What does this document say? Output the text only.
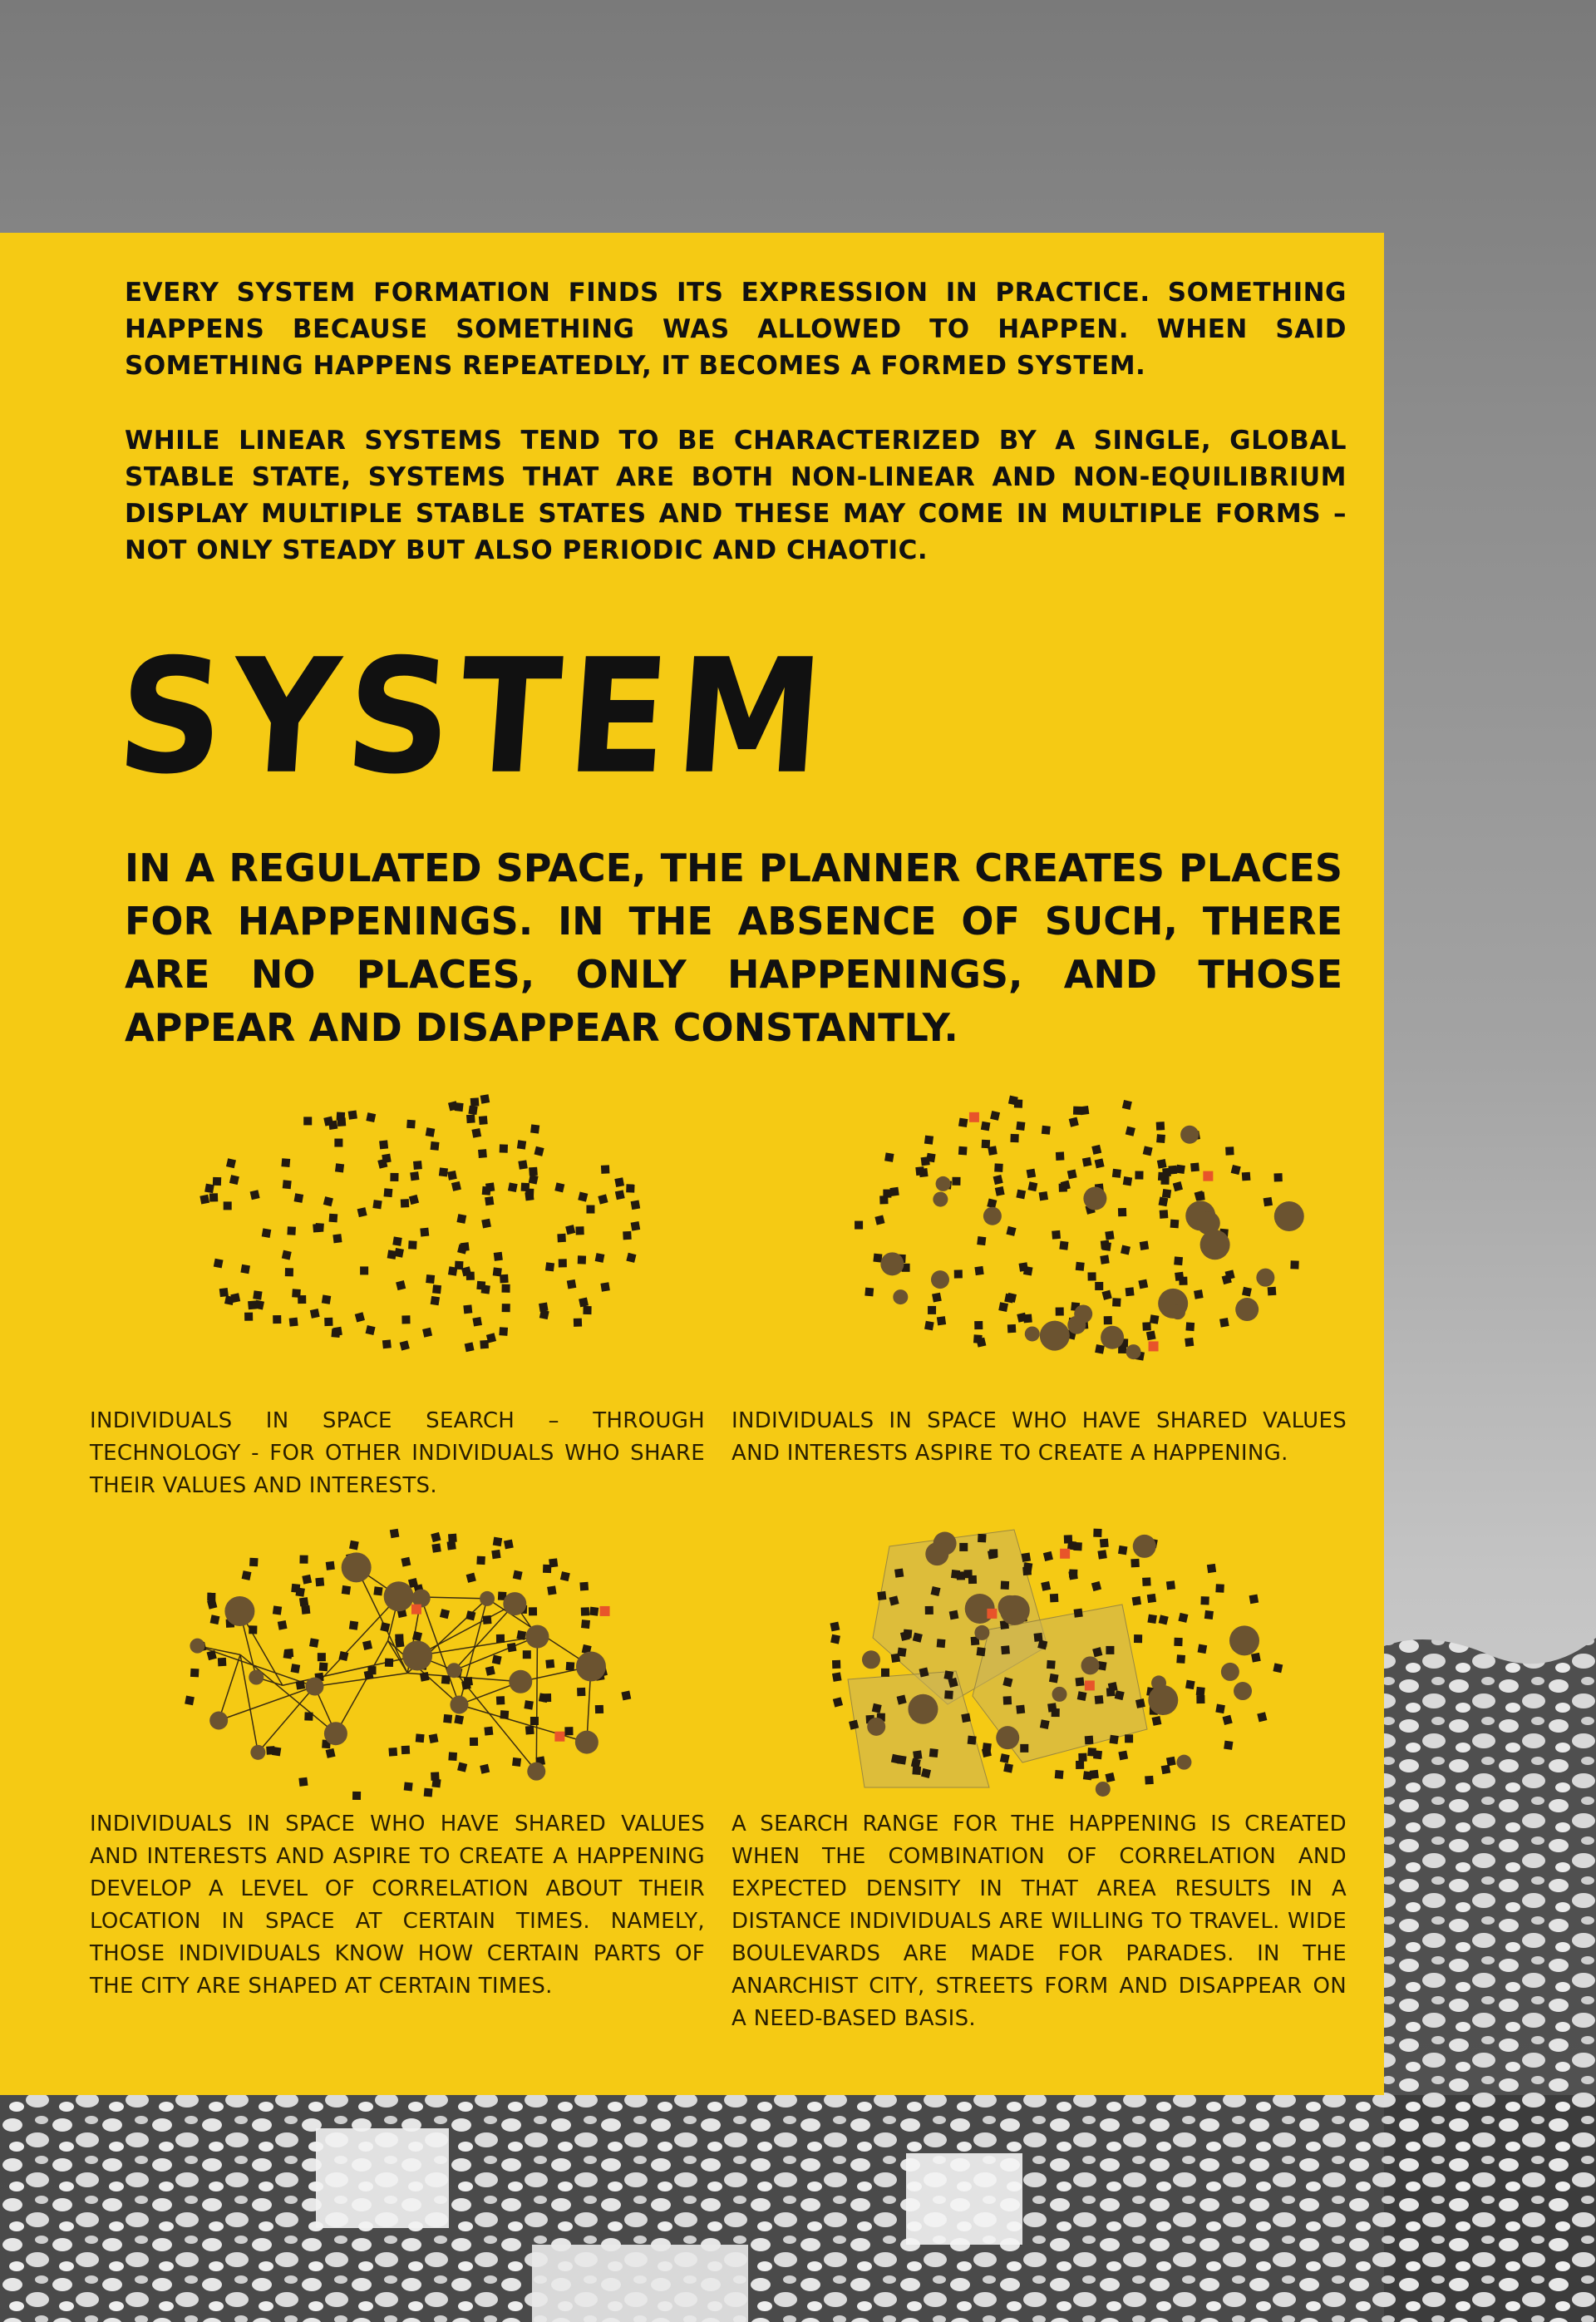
EVERY SYSTEM FORMATION FINDS ITS EXPRESSION IN PRACTICE. SOMETHING HAPPENS BECAUSE SOMETHING WAS ALLOWED TO HAPPEN. WHEN SAID SOMETHING HAPPENS REPEATEDLY, IT BECOMES A FORMED SYSTEM.

WHILE LINEAR SYSTEMS TEND TO BE CHARACTERIZED BY A SINGLE, GLOBAL STABLE STATE, SYSTEMS THAT ARE BOTH NON-LINEAR AND NON-EQUILIBRIUM DISPLAY MULTIPLE STABLE STATES AND THESE MAY COME IN MULTIPLE FORMS – NOT ONLY STEADY BUT ALSO PERIODIC AND CHAOTIC.

SYSTEM

IN A REGULATED SPACE, THE PLANNER CREATES PLACES FOR HAPPENINGS. IN THE ABSENCE OF SUCH, THERE ARE NO PLACES, ONLY HAPPENINGS, AND THOSE APPEAR AND DISAPPEAR CONSTANTLY.

INDIVIDUALS IN SPACE SEARCH – THROUGH TECHNOLOGY - FOR OTHER INDIVIDUALS WHO SHARE THEIR VALUES AND INTERESTS.

INDIVIDUALS IN SPACE WHO HAVE SHARED VALUES AND INTERESTS ASPIRE TO CREATE A HAPPENING.

INDIVIDUALS IN SPACE WHO HAVE SHARED VALUES AND INTERESTS AND ASPIRE TO CREATE A HAPPENING DEVELOP A LEVEL OF CORRELATION ABOUT THEIR LOCATION IN SPACE AT CERTAIN TIMES. NAMELY, THOSE INDIVIDUALS KNOW HOW CERTAIN PARTS OF THE CITY ARE SHAPED AT CERTAIN TIMES.

A SEARCH RANGE FOR THE HAPPENING IS CREATED WHEN THE COMBINATION OF CORRELATION AND EXPECTED DENSITY IN THAT AREA RESULTS IN A DISTANCE INDIVIDUALS ARE WILLING TO TRAVEL. WIDE BOULEVARDS ARE MADE FOR PARADES. IN THE ANARCHIST CITY, STREETS FORM AND DISAPPEAR ON A NEED-BASED BASIS.
